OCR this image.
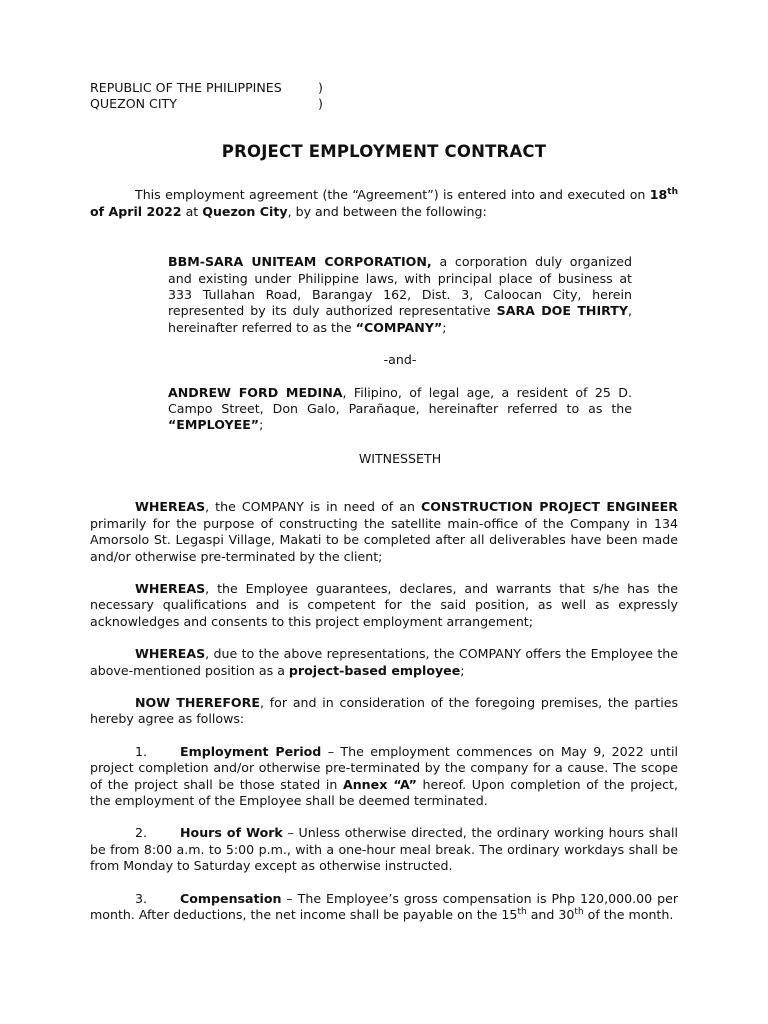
REPUBLIC OF THE PHILIPPINES	)
QUEZON CITY	)
PROJECT EMPLOYMENT CONTRACT

This employment agreement (the “Agreement”) is entered into and executed on 18th of April 2022 at Quezon City, by and between the following:

BBM-SARA UNITEAM CORPORATION, a corporation duly organized and existing under Philippine laws, with principal place of business at 333 Tullahan Road, Barangay 162, Dist. 3, Caloocan City, herein represented by its duly authorized representative SARA DOE THIRTY, hereinafter referred to as the “COMPANY”;

-and-

ANDREW FORD MEDINA, Filipino, of legal age, a resident of 25 D. Campo Street, Don Galo, Parañaque, hereinafter referred to as the “EMPLOYEE”;

WITNESSETH

WHEREAS, the COMPANY is in need of an CONSTRUCTION PROJECT ENGINEER primarily for the purpose of constructing the satellite main-office of the Company in 134 Amorsolo St. Legaspi Village, Makati to be completed after all deliverables have been made and/or otherwise pre-terminated by the client;

WHEREAS, the Employee guarantees, declares, and warrants that s/he has the necessary qualifications and is competent for the said position, as well as expressly acknowledges and consents to this project employment arrangement;

WHEREAS, due to the above representations, the COMPANY offers the Employee the above-mentioned position as a project-based employee;

NOW THEREFORE, for and in consideration of the foregoing premises, the parties hereby agree as follows:

1.	Employment Period – The employment commences on May 9, 2022 until project completion and/or otherwise pre-terminated by the company for a cause. The scope of the project shall be those stated in Annex “A” hereof. Upon completion of the project, the employment of the Employee shall be deemed terminated.

2.	Hours of Work – Unless otherwise directed, the ordinary working hours shall be from 8:00 a.m. to 5:00 p.m., with a one-hour meal break. The ordinary workdays shall be from Monday to Saturday except as otherwise instructed.

3.	Compensation – The Employee’s gross compensation is Php 120,000.00 per month. After deductions, the net income shall be payable on the 15th and 30th of the month.
